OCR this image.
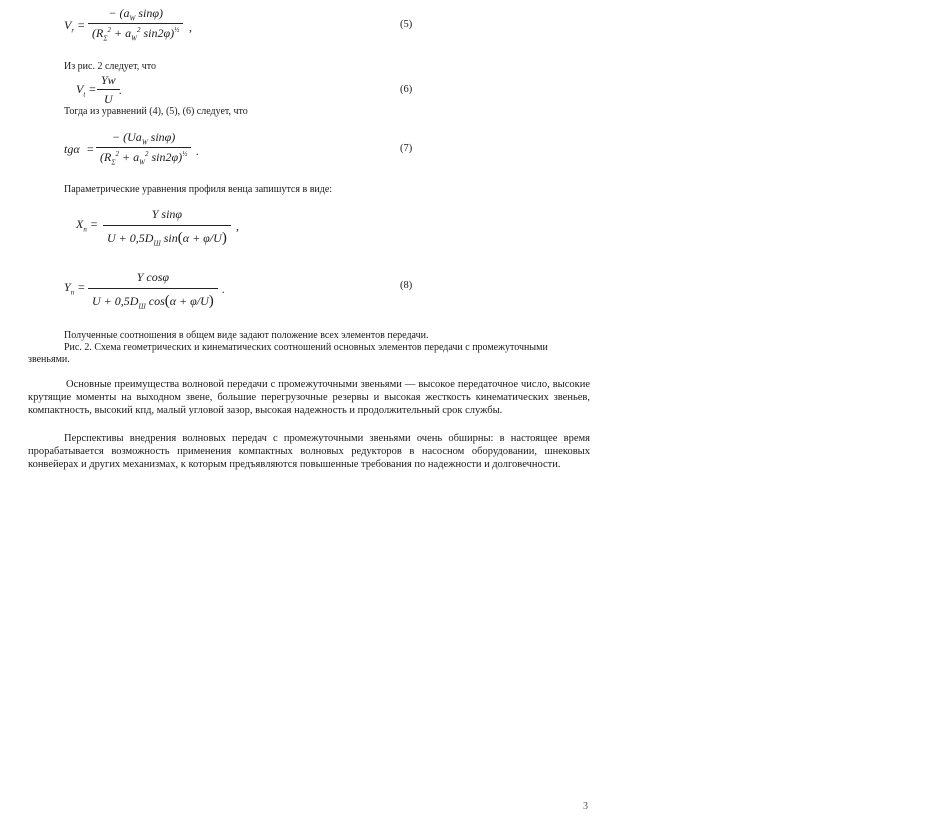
$V_r = \frac{- (a_W \sin\varphi)}{(R_\Sigma^2 + a_W^2 \sin 2\varphi)^{\frac{1}{2}}}$ ,	(5)
Из рис. 2 следует, что
$V_t = \frac{Yw}{U}$ .	(6)
Тогда из уравнений (4), (5), (6) следует, что
tgα =
− ($Ua_W$ sinφ)
($R_\Sigma^2 + a_W^2$ sin2φ)$^{\frac{1}{2}}$ .	(7)
Параметрические уравнения профиля венца запишутся в виде:
$X_n$ =
Y sinφ
$U + 0,5D_Ш$ sin(α + φ/U)
,
$Y_n$ =
Y cosφ
$U + 0,5D_Ш$ cos(α + φ/U)
.	(8)
Полученные соотношения в общем виде задают положение всех элементов передачи.
Рис. 2. Схема геометрических и кинематических соотношений основных элементов передачи с промежуточными звеньями.
Основные преимущества волновой передачи с промежуточными звеньями — высокое передаточное число, высокие крутящие моменты на выходном звене, большие перегрузочные резервы и высокая жесткость кинематических звеньев, компактность, высокий кпд, малый угловой зазор, высокая надежность и продолжительный срок службы.
Перспективы внедрения волновых передач с промежуточными звеньями очень обширны: в настоящее время прорабатывается возможность применения компактных волновых редукторов в насосном оборудовании, шнековых конвейерах и других механизмах, к которым предъявляются повышенные требования по надежности и долговечности.
3
